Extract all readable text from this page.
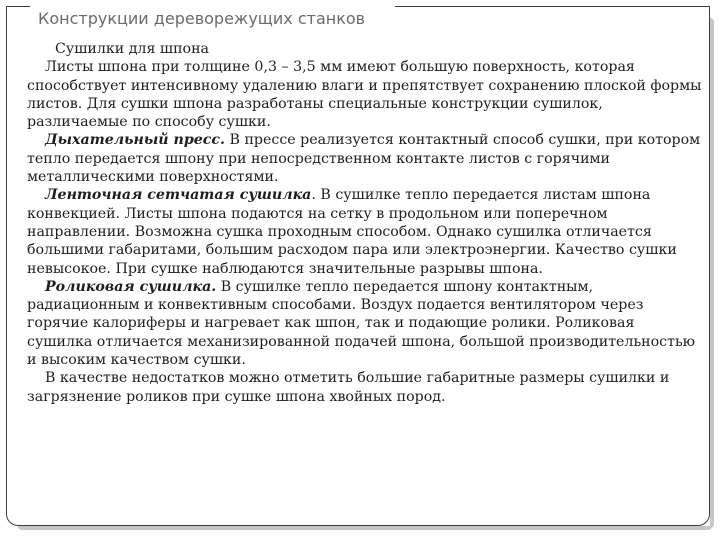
Конструкции дереворежущих станков

Сушилки для шпона

Листы шпона при толщине 0,3 – 3,5 мм имеют большую поверхность, которая способствует интенсивному удалению влаги и препятствует сохранению плоской формы листов. Для сушки шпона разработаны специальные конструкции сушилок, различаемые по способу сушки.

Дыхательный пресс. В прессе реализуется контактный способ сушки, при котором тепло передается шпону при непосредственном контакте листов с горячими металлическими поверхностями.

Ленточная сетчатая сушилка. В сушилке тепло передается листам шпона конвекцией. Листы шпона подаются на сетку в продольном или поперечном направлении. Возможна сушка проходным способом. Однако сушилка отличается большими габаритами, большим расходом пара или электроэнергии. Качество сушки невысокое. При сушке наблюдаются значительные разрывы шпона.

Роликовая сушилка. В сушилке тепло передается шпону контактным, радиационным и конвективным способами. Воздух подается вентилятором через горячие калориферы и нагревает как шпон, так и подающие ролики. Роликовая сушилка отличается механизированной подачей шпона, большой производительностью и высоким качеством сушки.

В качестве недостатков можно отметить большие габаритные размеры сушилки и загрязнение роликов при сушке шпона хвойных пород.
